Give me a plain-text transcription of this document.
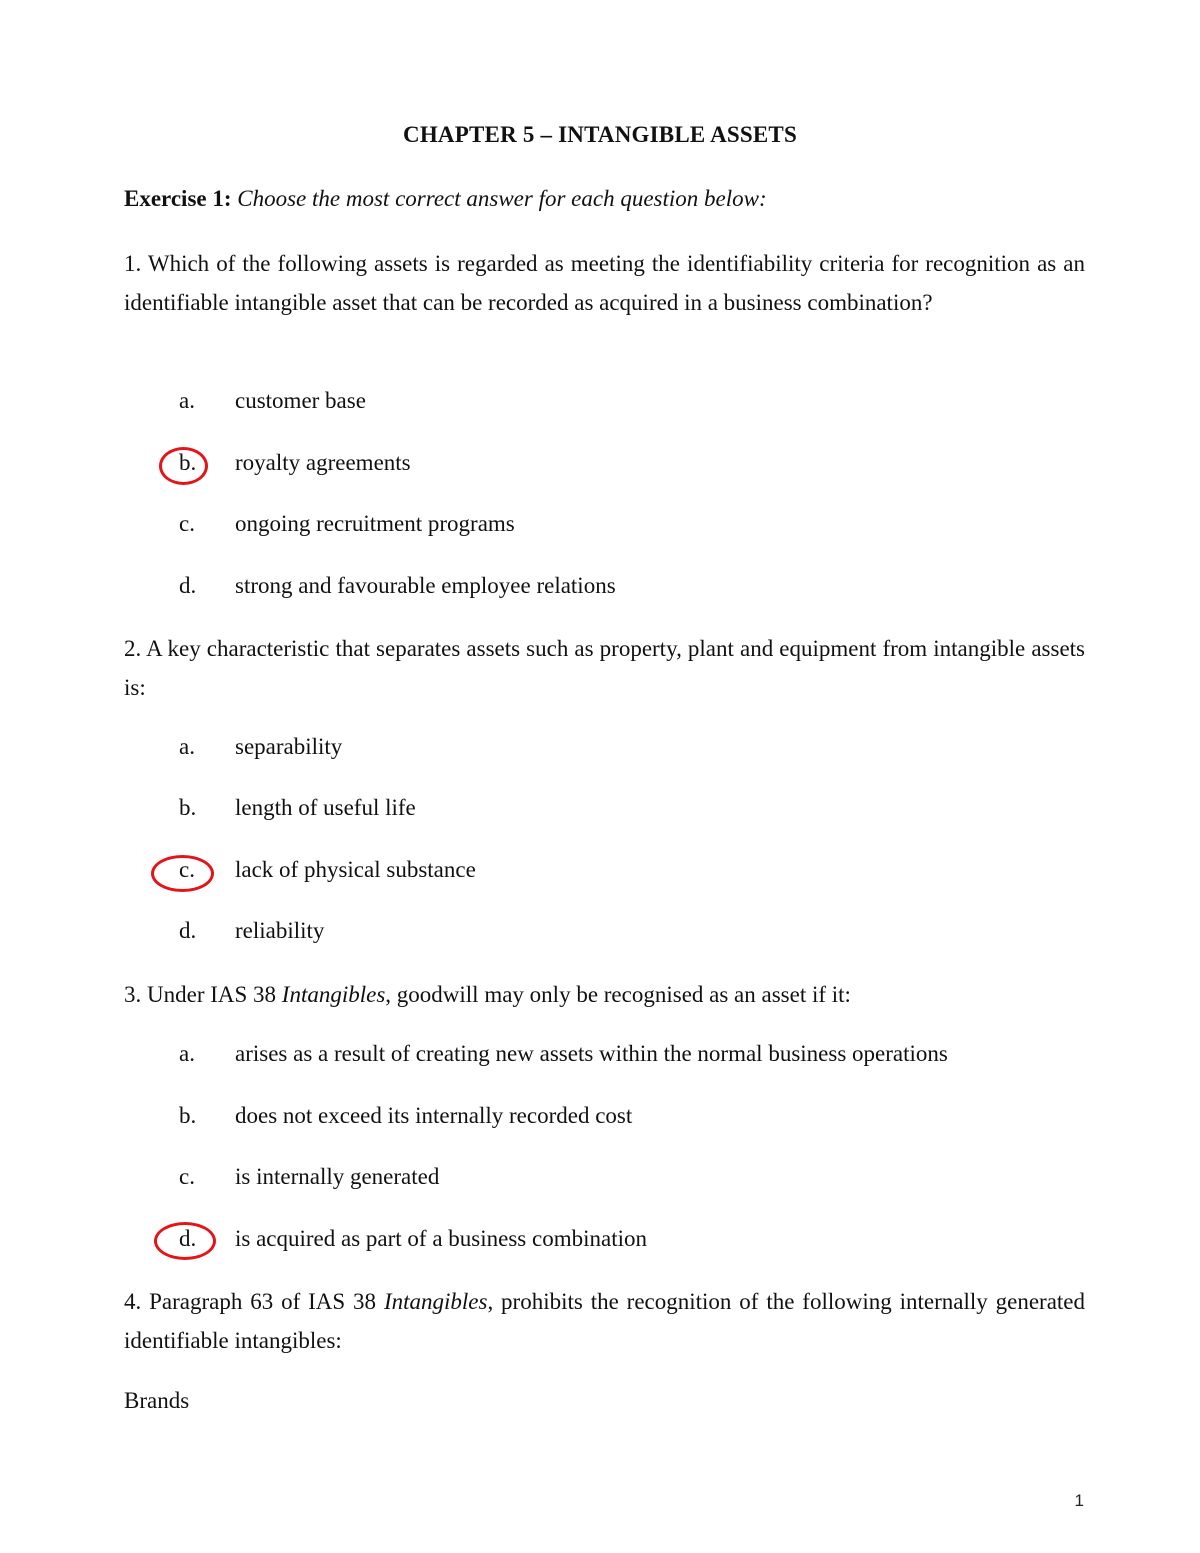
CHAPTER 5 – INTANGIBLE ASSETS
Exercise 1: Choose the most correct answer for each question below:
1. Which of the following assets is regarded as meeting the identifiability criteria for recognition as an identifiable intangible asset that can be recorded as acquired in a business combination?
a. customer base
b. royalty agreements
c. ongoing recruitment programs
d. strong and favourable employee relations
2. A key characteristic that separates assets such as property, plant and equipment from intangible assets is:
a. separability
b. length of useful life
c. lack of physical substance
d. reliability
3. Under IAS 38 Intangibles, goodwill may only be recognised as an asset if it:
a. arises as a result of creating new assets within the normal business operations
b. does not exceed its internally recorded cost
c. is internally generated
d. is acquired as part of a business combination
4. Paragraph 63 of IAS 38 Intangibles, prohibits the recognition of the following internally generated identifiable intangibles:
Brands
1
